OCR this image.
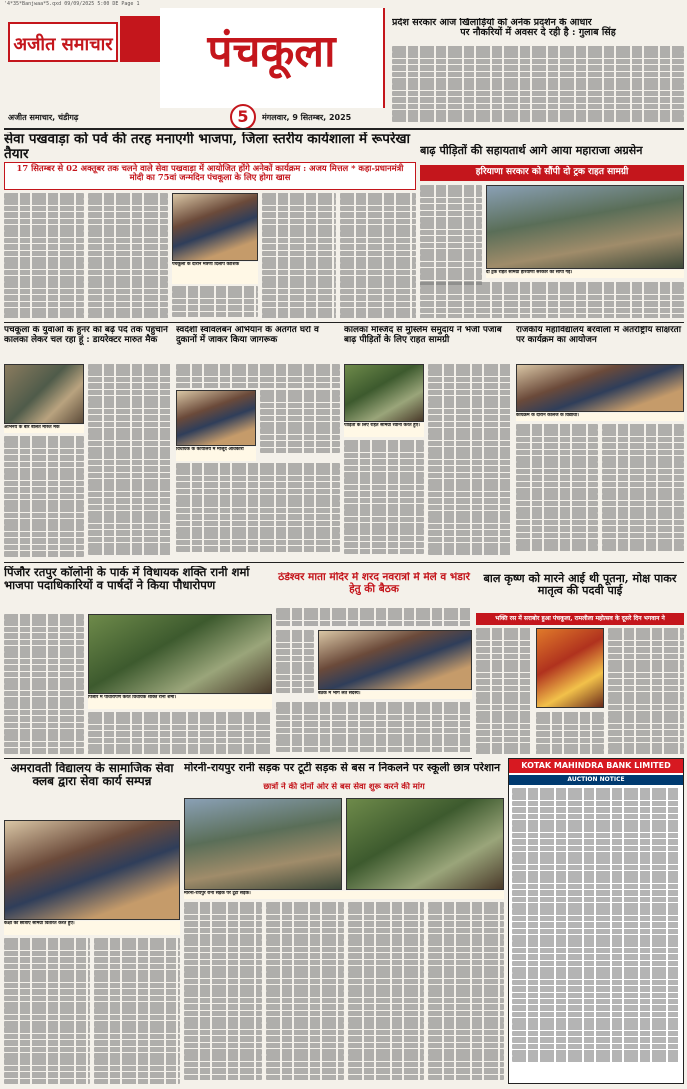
'4*35*Banjwaa*5.qxd 09/09/2025 5:00 DE Page 1
अजीत समाचार	पंचकूला
5
अजीत समाचार, चंडीगढ़	मंगलवार, 9 सितम्बर, 2025
प्रदेश सरकार आज खिलाड़ियों को अनेक प्रदर्शन के आधार
पर नौकरियों में अवसर दे रही है : गुलाब सिंह
सेवा पखवाड़ा को पर्व की तरह मनाएगी भाजपा, जिला स्तरीय कार्यशाला में रूपरेखा तैयार
17 सितम्बर से 02 अक्तूबर तक चलने वाले सेवा पखवाड़ा में आयोजित होंगे अनेकों कार्यक्रम : अजय मित्तल * कहा-प्रधानमंत्री मोदी का 75वां जन्मदिन पंचकूला के लिए होगा खास
पंचकूला के दौरान मंत्रणा दिलीप कौशिक
बाढ़ पीड़ितों की सहायतार्थ आगे आया महाराजा अग्रसेन
हरियाणा सरकार को सौंपी दो ट्रक राहत सामग्री
दो ट्रक राहत सामग्री हरियाणा सरकार को सौंपी गई।
पंचकूला के युवाओं के हुनर को बढ़े पर्दे तक पहुंचाने कालका लेकर चल रहा हूं : डायरेक्टर मारुत मैक
अभिनय के बारे बोलते मारुत मैक
स्वदेशी स्वावलंबन अभियान के अंतर्गत घरों व दुकानों में जाकर किया जागरूक
विधायक के कार्यालय में मौजूद अधिकारी
कालका मस्जिद से मुस्लिम समुदाय ने भेजी पंजाब बाढ़ पीड़ितों के लिए राहत सामग्री
पीड़ितों के लिए राहत सामग्री रवाना करते हुए।
राजकीय महाविद्यालय बरवाला में अंतर्राष्ट्रीय साक्षरता पर कार्यक्रम का आयोजन
कार्यक्रम के दौरान कॉलेज के विद्यार्थी।
पिंजौर रतपुर कॉलोनी के पार्क में विधायक शक्ति रानी शर्मा भाजपा पदाधिकारियों व पार्षदों ने किया पौधारोपण
पिंजौर में पौधारोपण करते विधायक शक्ति रानी शर्मा।
ठंडेश्वर माता मंदिर में शरद नवरात्रों में मेले व भंडारे हेतु की बैठक
बैठक में भाग लेते सदस्य।
बाल कृष्ण को मारने आई थी पूतना, मोक्ष पाकर मातृत्व की पदवी पाई
भक्ति रस में सराबोर हुआ पंचकूला, रामलीला महोत्सव के दूसरे दिन भगवान ने
अमरावती विद्यालय के सामाजिक सेवा क्लब द्वारा सेवा कार्य सम्पन्न
कक्षा की छात्राएं सामग्री वितरित करते हुए।
मोरनी-रायपुर रानी सड़क पर टूटी सड़क से बस न निकलने पर स्कूली छात्र परेशान
छात्रों ने की दोनों ओर से बस सेवा शुरू करने की मांग
मोरनी-रायपुर रानी सड़क पर टूटी सड़क।
KOTAK MAHINDRA BANK LIMITED
AUCTION NOTICE
